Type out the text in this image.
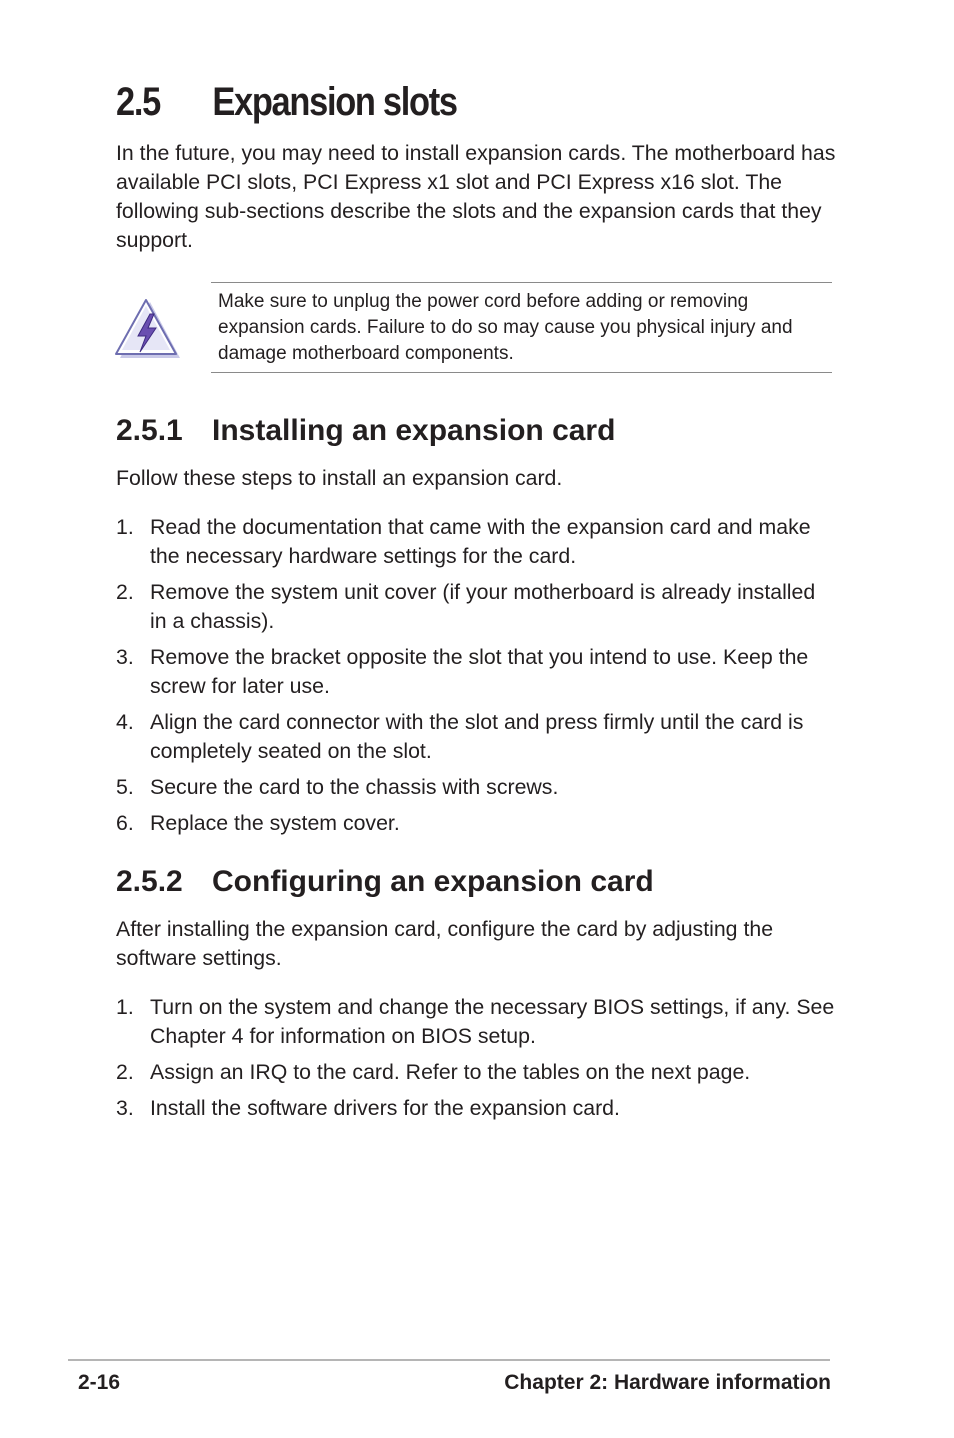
2.5 Expansion slots

In the future, you may need to install expansion cards. The motherboard has available PCI slots, PCI Express x1 slot and PCI Express x16 slot. The following sub-sections describe the slots and the expansion cards that they support.

Make sure to unplug the power cord before adding or removing expansion cards. Failure to do so may cause you physical injury and damage motherboard components.

2.5.1 Installing an expansion card

Follow these steps to install an expansion card.

1. Read the documentation that came with the expansion card and make the necessary hardware settings for the card.
2. Remove the system unit cover (if your motherboard is already installed in a chassis).
3. Remove the bracket opposite the slot that you intend to use. Keep the screw for later use.
4. Align the card connector with the slot and press firmly until the card is completely seated on the slot.
5. Secure the card to the chassis with screws.
6. Replace the system cover.
2.5.2 Configuring an expansion card

After installing the expansion card, configure the card by adjusting the software settings.

1. Turn on the system and change the necessary BIOS settings, if any. See Chapter 4 for information on BIOS setup.
2. Assign an IRQ to the card. Refer to the tables on the next page.
3. Install the software drivers for the expansion card.
2-16	Chapter 2: Hardware information
